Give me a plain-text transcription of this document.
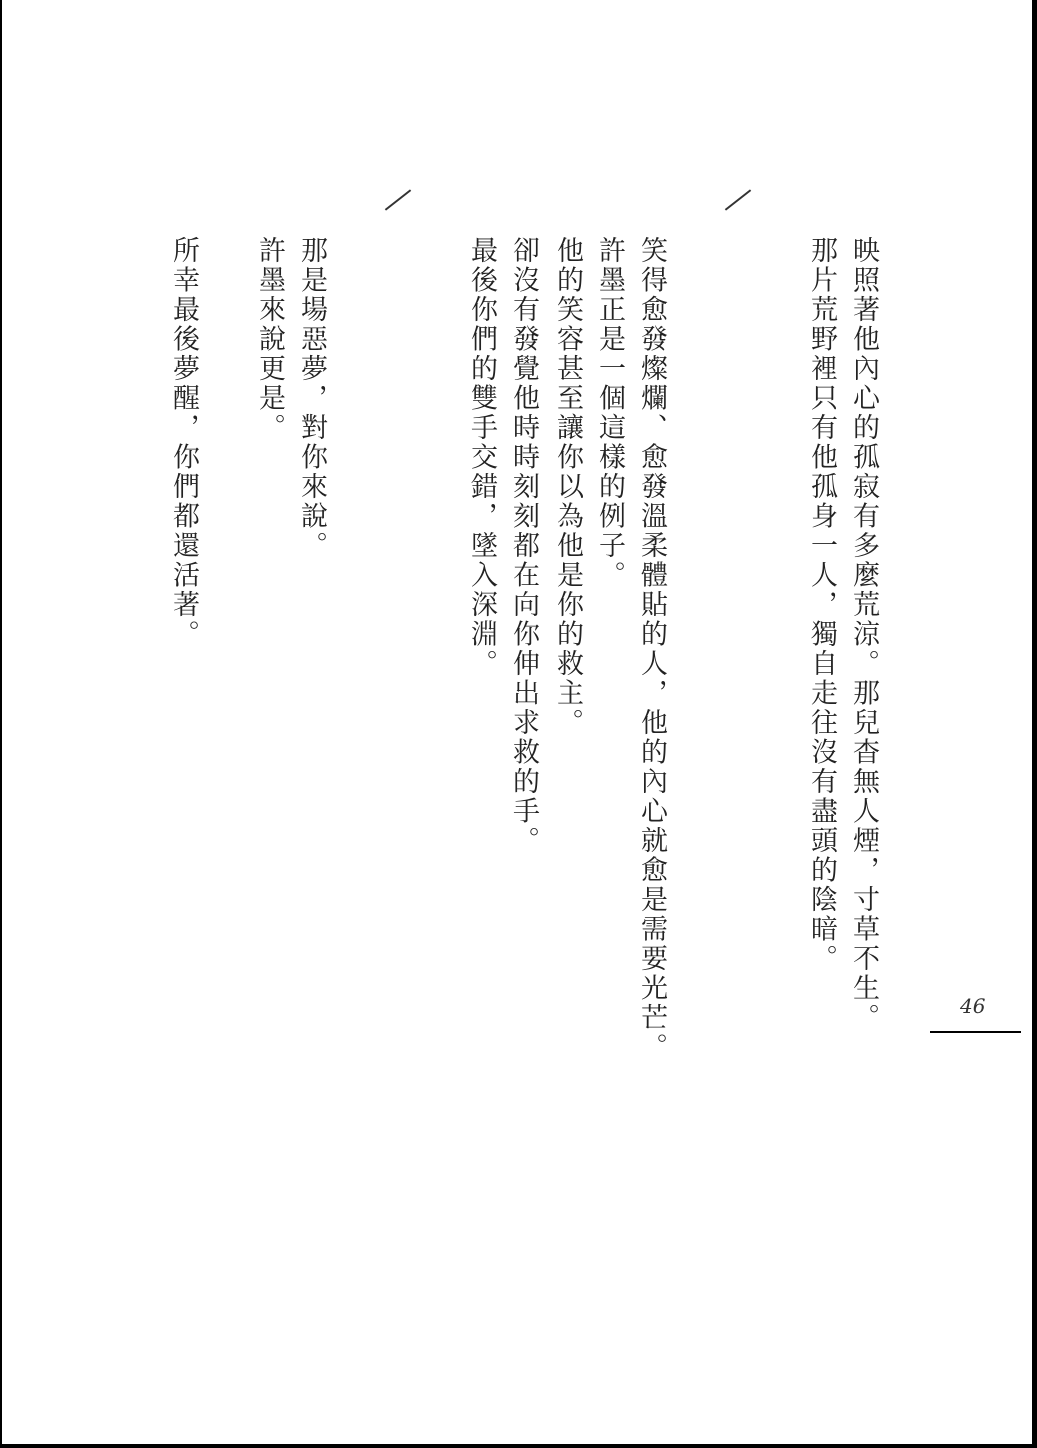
映照著他內心的孤寂有多麼荒涼。那兒杳無人煙，寸草不生。
那片荒野裡只有他孤身一人，獨自走往沒有盡頭的陰暗。
笑得愈發燦爛、愈發溫柔體貼的人，他的內心就愈是需要光芒。
許墨正是一個這樣的例子。
他的笑容甚至讓你以為他是你的救主。
卻沒有發覺他時時刻刻都在向你伸出求救的手。
最後你們的雙手交錯，墜入深淵。
那是場惡夢，對你來說。
許墨來說更是。
所幸最後夢醒，你們都還活著。
46
